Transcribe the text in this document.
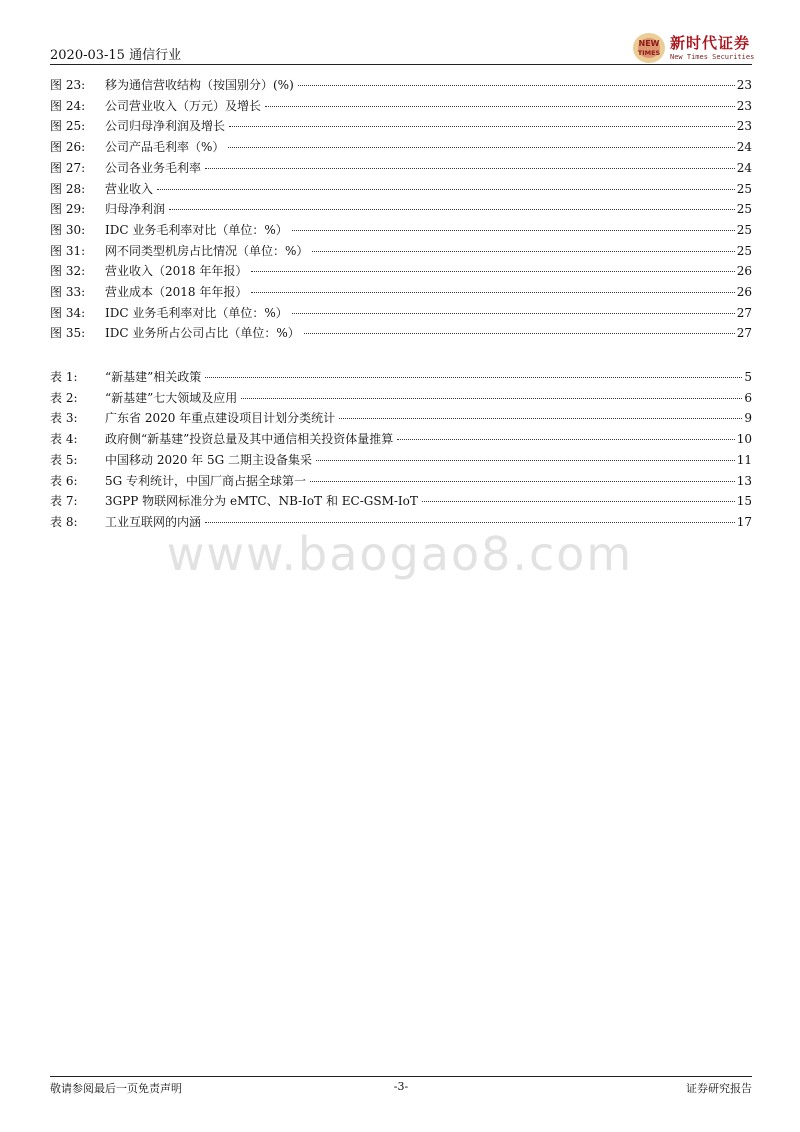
2020-03-15 通信行业
NEW
TIMES
新时代证券
New Times Securities
图 23:	移为通信营收结构（按国别分）(%)	23
图 24:	公司营业收入（万元）及增长	23
图 25:	公司归母净利润及增长	23
图 26:	公司产品毛利率（%）	24
图 27:	公司各业务毛利率	24
图 28:	营业收入	25
图 29:	归母净利润	25
图 30:	IDC 业务毛利率对比（单位：%）	25
图 31:	网不同类型机房占比情况（单位：%）	25
图 32:	营业收入（2018 年年报）	26
图 33:	营业成本（2018 年年报）	26
图 34:	IDC 业务毛利率对比（单位：%）	27
图 35:	IDC 业务所占公司占比（单位：%）	27
表 1:	“新基建”相关政策	5
表 2:	“新基建”七大领域及应用	6
表 3:	广东省 2020 年重点建设项目计划分类统计	9
表 4:	政府侧“新基建”投资总量及其中通信相关投资体量推算	10
表 5:	中国移动 2020 年 5G 二期主设备集采	11
表 6:	5G 专利统计，中国厂商占据全球第一	13
表 7:	3GPP 物联网标准分为 eMTC、NB-IoT 和 EC-GSM-IoT	15
表 8:	工业互联网的内涵	17
www.baogao8.com
敬请参阅最后一页免责声明	-3-	证券研究报告
